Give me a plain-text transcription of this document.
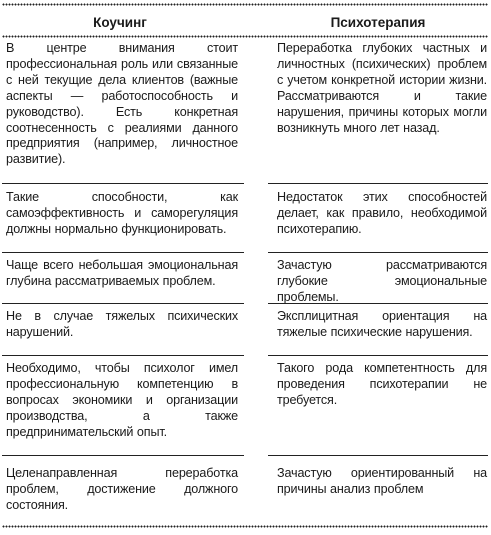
Коучинг	Психотерапия
В центре внимания стоит профессиональная роль или связанные с ней текущие дела клиентов (важные аспекты — работоспособность и руководство). Есть конкретная соотнесенность с реалиями данного предприятия (например, личностное развитие).
Переработка глубоких частных и личностных (психических) проблем с учетом конкретной истории жизни. Рассматриваются и такие нарушения, причины которых могли возникнуть много лет назад.
Такие способности, как самоэффективность и саморегуляция должны нормально функционировать.
Недостаток этих способностей делает, как правило, необходимой психотерапию.
Чаще всего небольшая эмоциональная глубина рассматриваемых проблем.
Зачастую рассматриваются глубокие эмоциональные проблемы.
Не в случае тяжелых психических нарушений.
Эксплицитная ориентация на тяжелые психические нарушения.
Необходимо, чтобы психолог имел профессиональную компетенцию в вопросах экономики и организации производства, а также предпринимательский опыт.
Такого рода компетентность для проведения психотерапии не требуется.
Целенаправленная переработка проблем, достижение должного состояния.
Зачастую ориентированный на причины анализ проблем
